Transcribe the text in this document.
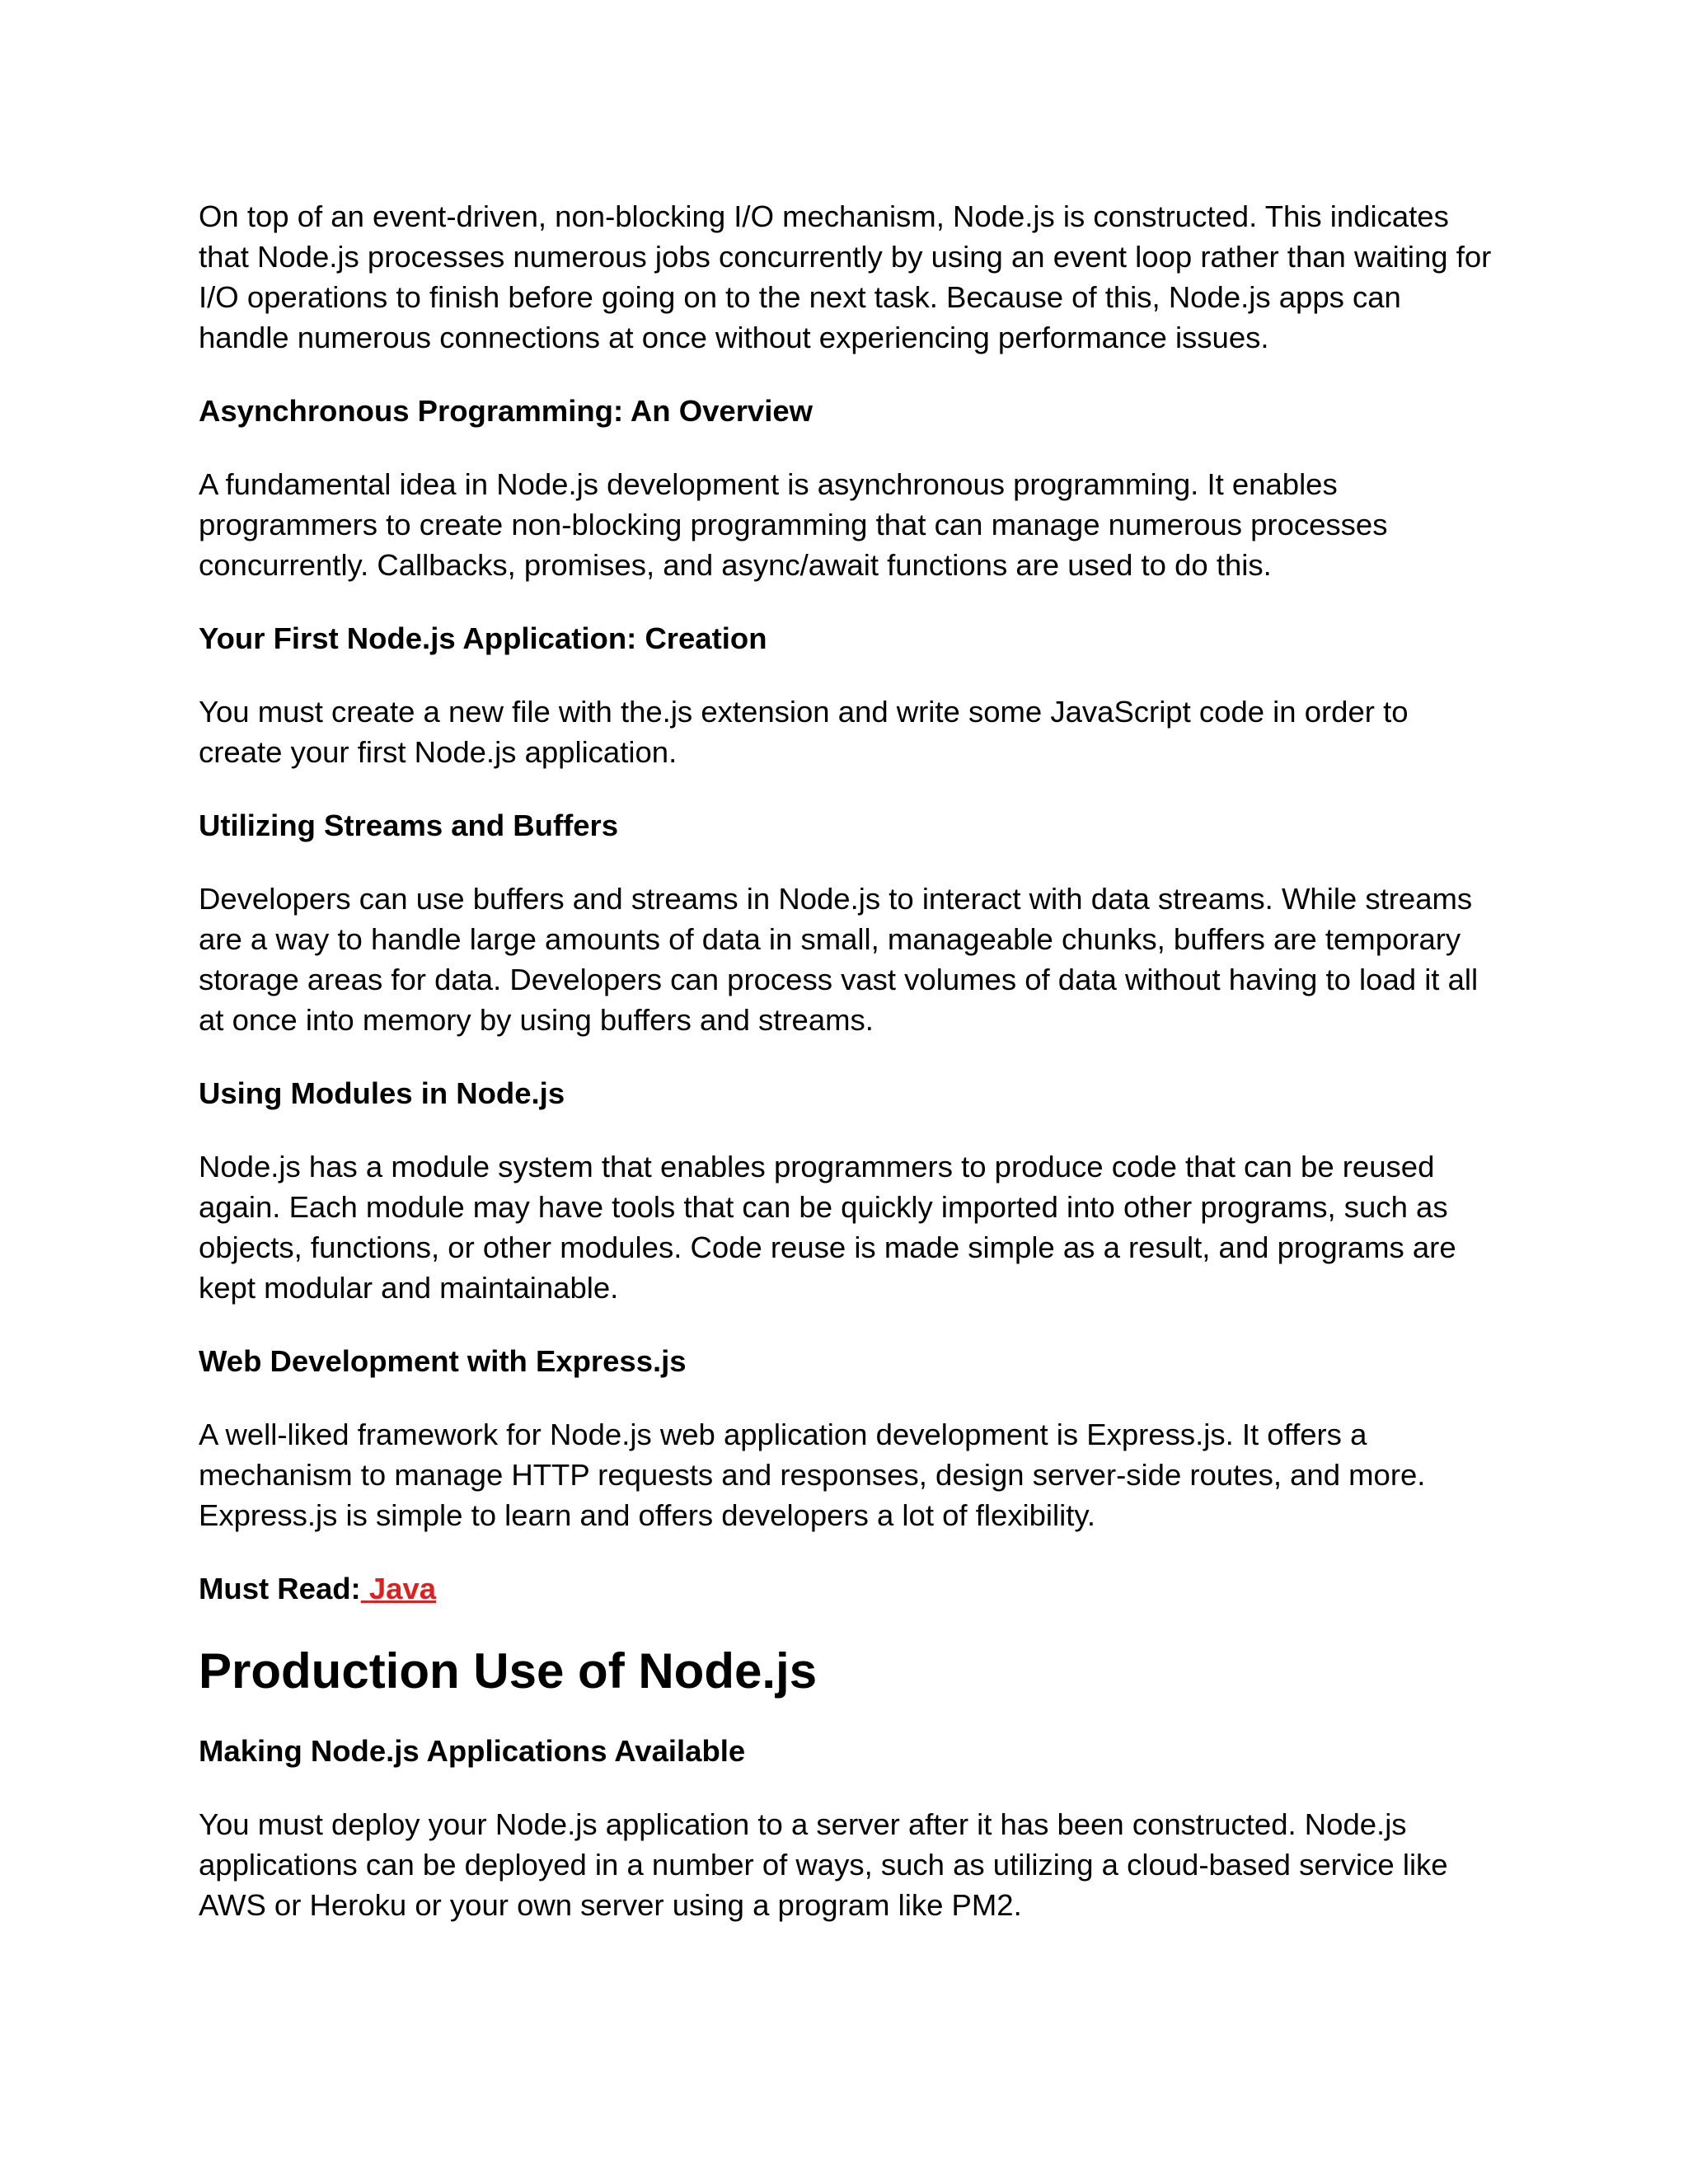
On top of an event-driven, non-blocking I/O mechanism, Node.js is constructed. This indicates that Node.js processes numerous jobs concurrently by using an event loop rather than waiting for I/O operations to finish before going on to the next task. Because of this, Node.js apps can handle numerous connections at once without experiencing performance issues.

Asynchronous Programming: An Overview

A fundamental idea in Node.js development is asynchronous programming. It enables programmers to create non-blocking programming that can manage numerous processes concurrently. Callbacks, promises, and async/await functions are used to do this.

Your First Node.js Application: Creation

You must create a new file with the.js extension and write some JavaScript code in order to create your first Node.js application.

Utilizing Streams and Buffers

Developers can use buffers and streams in Node.js to interact with data streams. While streams are a way to handle large amounts of data in small, manageable chunks, buffers are temporary storage areas for data. Developers can process vast volumes of data without having to load it all at once into memory by using buffers and streams.

Using Modules in Node.js

Node.js has a module system that enables programmers to produce code that can be reused again. Each module may have tools that can be quickly imported into other programs, such as objects, functions, or other modules. Code reuse is made simple as a result, and programs are kept modular and maintainable.

Web Development with Express.js

A well-liked framework for Node.js web application development is Express.js. It offers a mechanism to manage HTTP requests and responses, design server-side routes, and more. Express.js is simple to learn and offers developers a lot of flexibility.

Must Read: Java

Production Use of Node.js

Making Node.js Applications Available

You must deploy your Node.js application to a server after it has been constructed. Node.js applications can be deployed in a number of ways, such as utilizing a cloud-based service like AWS or Heroku or your own server using a program like PM2.
